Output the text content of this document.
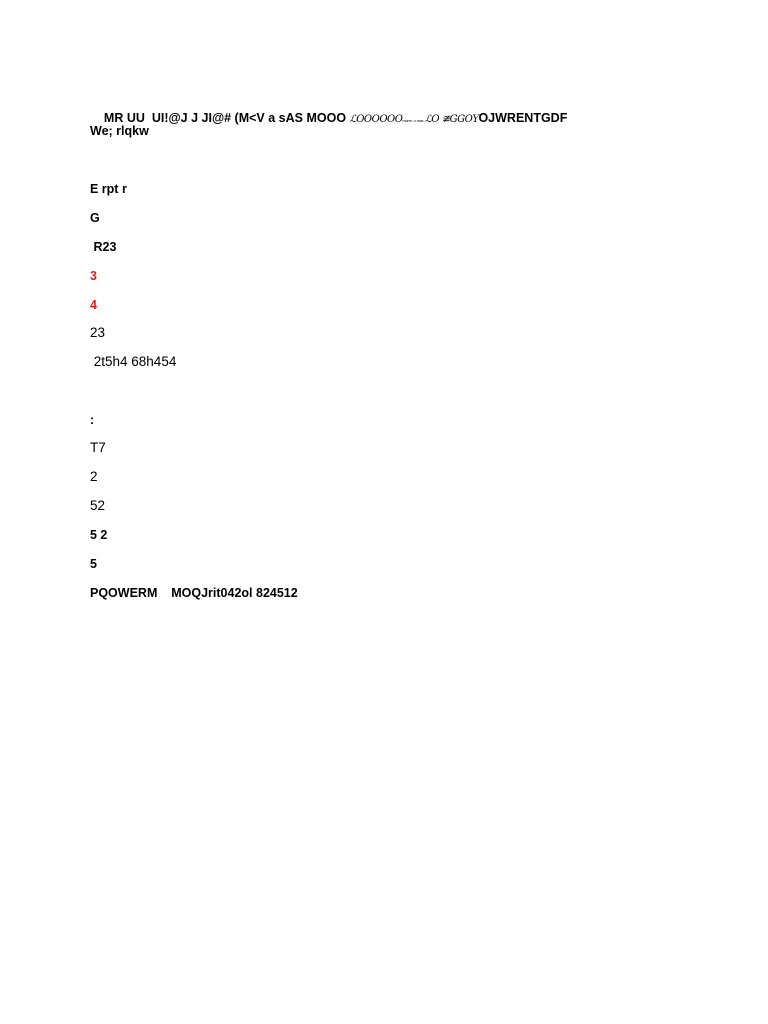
MR UU  UI!@J J JI@# (M<V a sAS MOOO ℒOOOOOOₘₐᵣₘ ₒ ₘₐₓ ℒO ≇GGOYOJWRENTGDF

We; rlqkw
E rpt r
G
R23
3
4
23
2t5h4 68h454
:
T7
2
52
5 2
5
PQOWERM    MOQJrit042ol 824512
